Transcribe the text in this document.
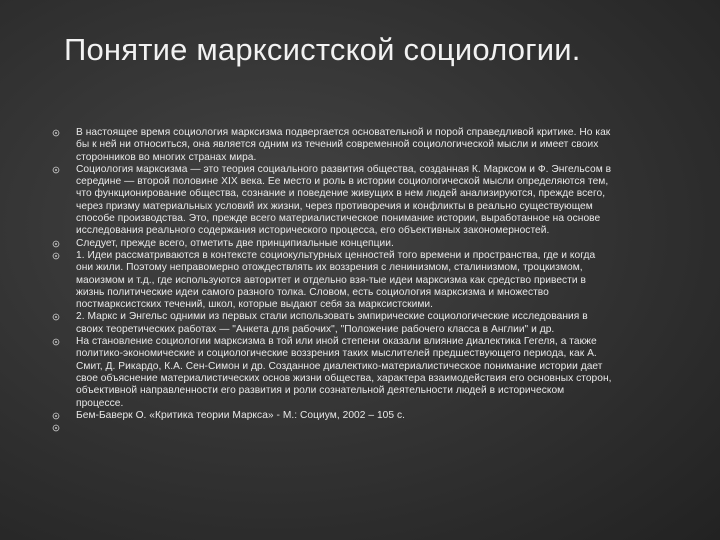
Понятие марксистской социологии.
В настоящее время социология марксизма подвергается основательной и порой справедливой критике. Но как бы к ней ни относиться, она является одним из течений современной социологической мысли и имеет своих сторонников во многих странах мира.
Социология марксизма — это теория социального развития общества, созданная К. Марксом и Ф. Энгельсом в середине — второй половине XIX века. Ее место и роль в истории социологической мысли определяются тем, что функционирование общества, сознание и поведение живущих в нем людей анализируются, прежде всего, через призму материальных условий их жизни, через противоречия и конфликты в реально существующем способе производства. Это, прежде всего материалистическое понимание истории, выработанное на основе исследования реального содержания исторического процесса, его объективных закономерностей.
Следует, прежде всего, отметить две принципиальные концепции.
1. Идеи рассматриваются в контексте социокультурных ценностей того времени и пространства, где и когда они жили. Поэтому неправомерно отождествлять их воззрения с ленинизмом, сталинизмом, троцкизмом, маоизмом и т.д., где используются авторитет и отдельно взя-тые идеи марксизма как средство привести в жизнь политические идеи самого разного толка. Словом, есть социология марксизма и множество постмарксистских течений, школ, которые выдают себя за марксистскими.
2. Маркс и Энгельс одними из первых стали использовать эмпирические социологические исследования в своих теоретических работах — "Анкета для рабочих", "Положение рабочего класса в Англии" и др.
На становление социологии марксизма в той или иной степени оказали влияние диалектика Гегеля, а также политико-экономические и социологические воззрения таких мыслителей предшествующего периода, как А. Смит, Д. Рикардо, К.А. Сен-Симон и др. Созданное диалектико-материалистическое понимание истории дает свое объяснение материалистических основ жизни общества, характера взаимодействия его основных сторон, объективной направленности его развития и роли сознательной деятельности людей в историческом процессе.
Бем-Баверк О. «Критика теории Маркса» - М.: Социум, 2002 – 105 с.
